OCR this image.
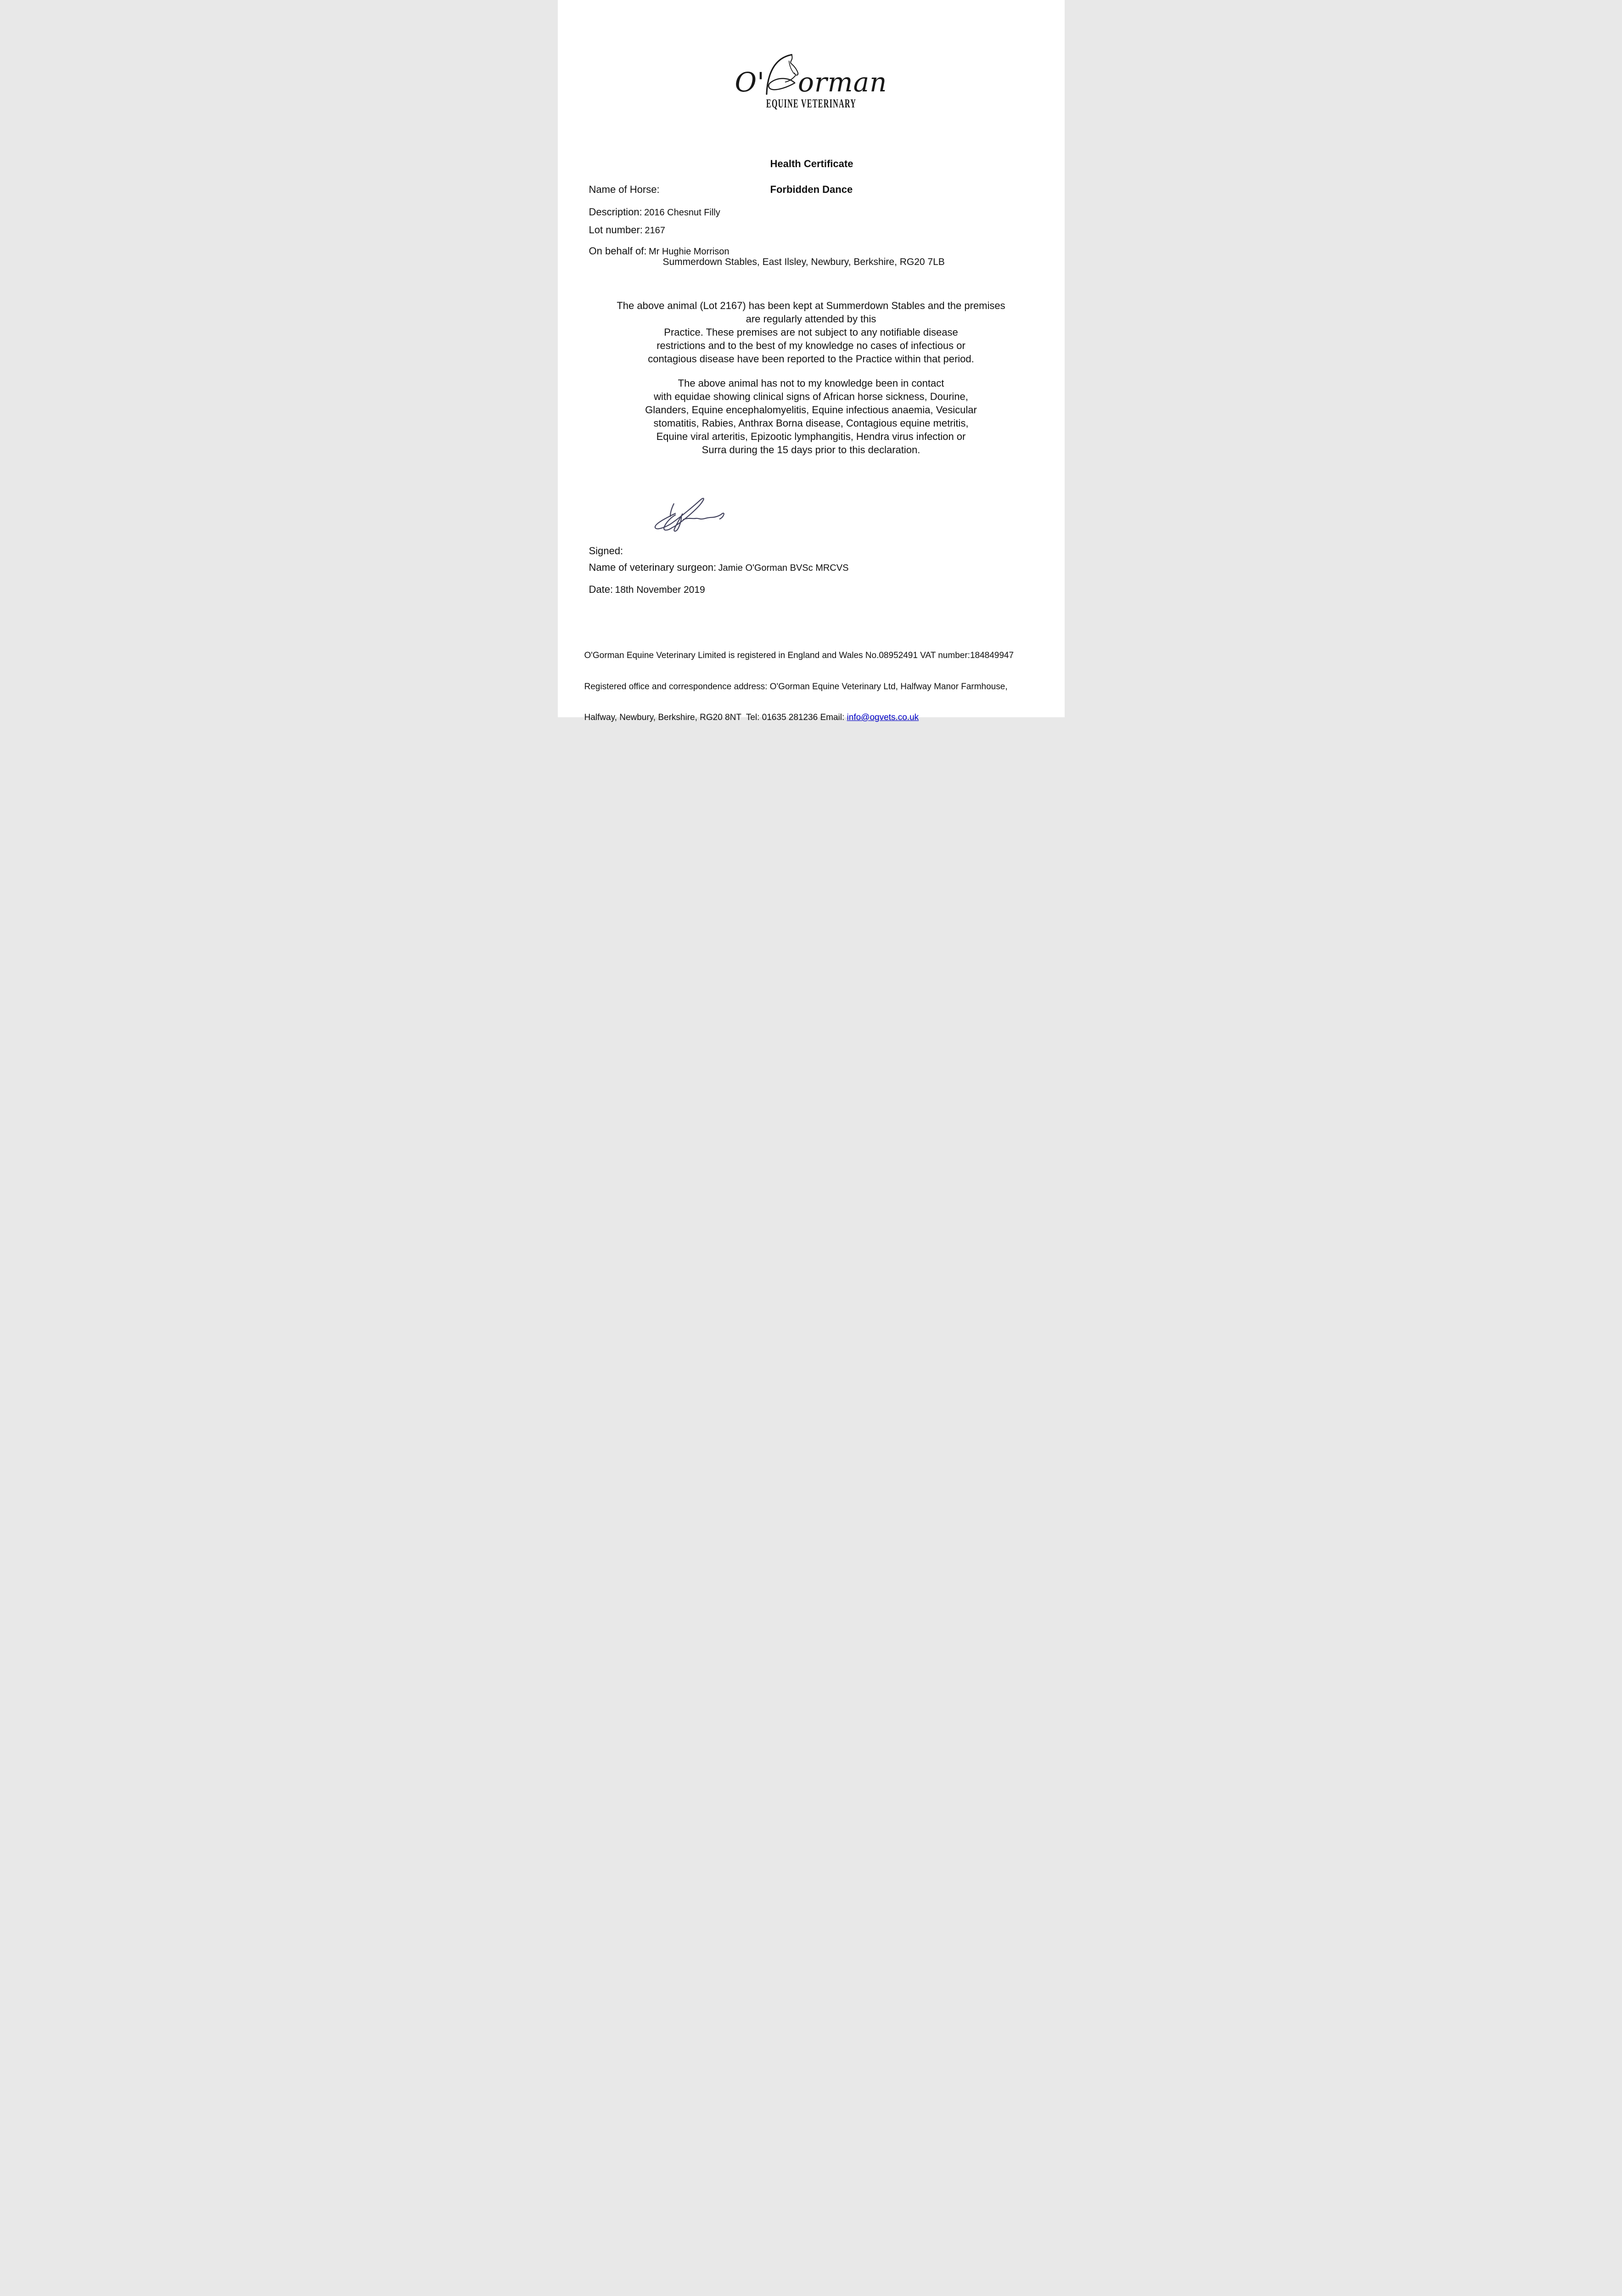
O' orman
EQUINE VETERINARY
Health Certificate
Name of Horse:	Forbidden Dance
Description: 2016 Chesnut Filly
Lot number: 2167
On behalf of: Mr Hughie Morrison
Summerdown Stables, East Ilsley, Newbury, Berkshire, RG20 7LB
The above animal (Lot 2167) has been kept at Summerdown Stables and the premises
are regularly attended by this
Practice. These premises are not subject to any notifiable disease
restrictions and to the best of my knowledge no cases of infectious or
contagious disease have been reported to the Practice within that period.
The above animal has not to my knowledge been in contact
with equidae showing clinical signs of African horse sickness, Dourine,
Glanders, Equine encephalomyelitis, Equine infectious anaemia, Vesicular
stomatitis, Rabies, Anthrax Borna disease, Contagious equine metritis,
Equine viral arteritis, Epizootic lymphangitis, Hendra virus infection or
Surra during the 15 days prior to this declaration.
Signed:
Name of veterinary surgeon: Jamie O'Gorman BVSc MRCVS
Date: 18th November 2019

O'Gorman Equine Veterinary Limited is registered in England and Wales No.08952491 VAT number:184849947

Registered office and correspondence address: O'Gorman Equine Veterinary Ltd, Halfway Manor Farmhouse,

Halfway, Newbury, Berkshire, RG20 8NT  Tel: 01635 281236 Email: info@ogvets.co.uk
